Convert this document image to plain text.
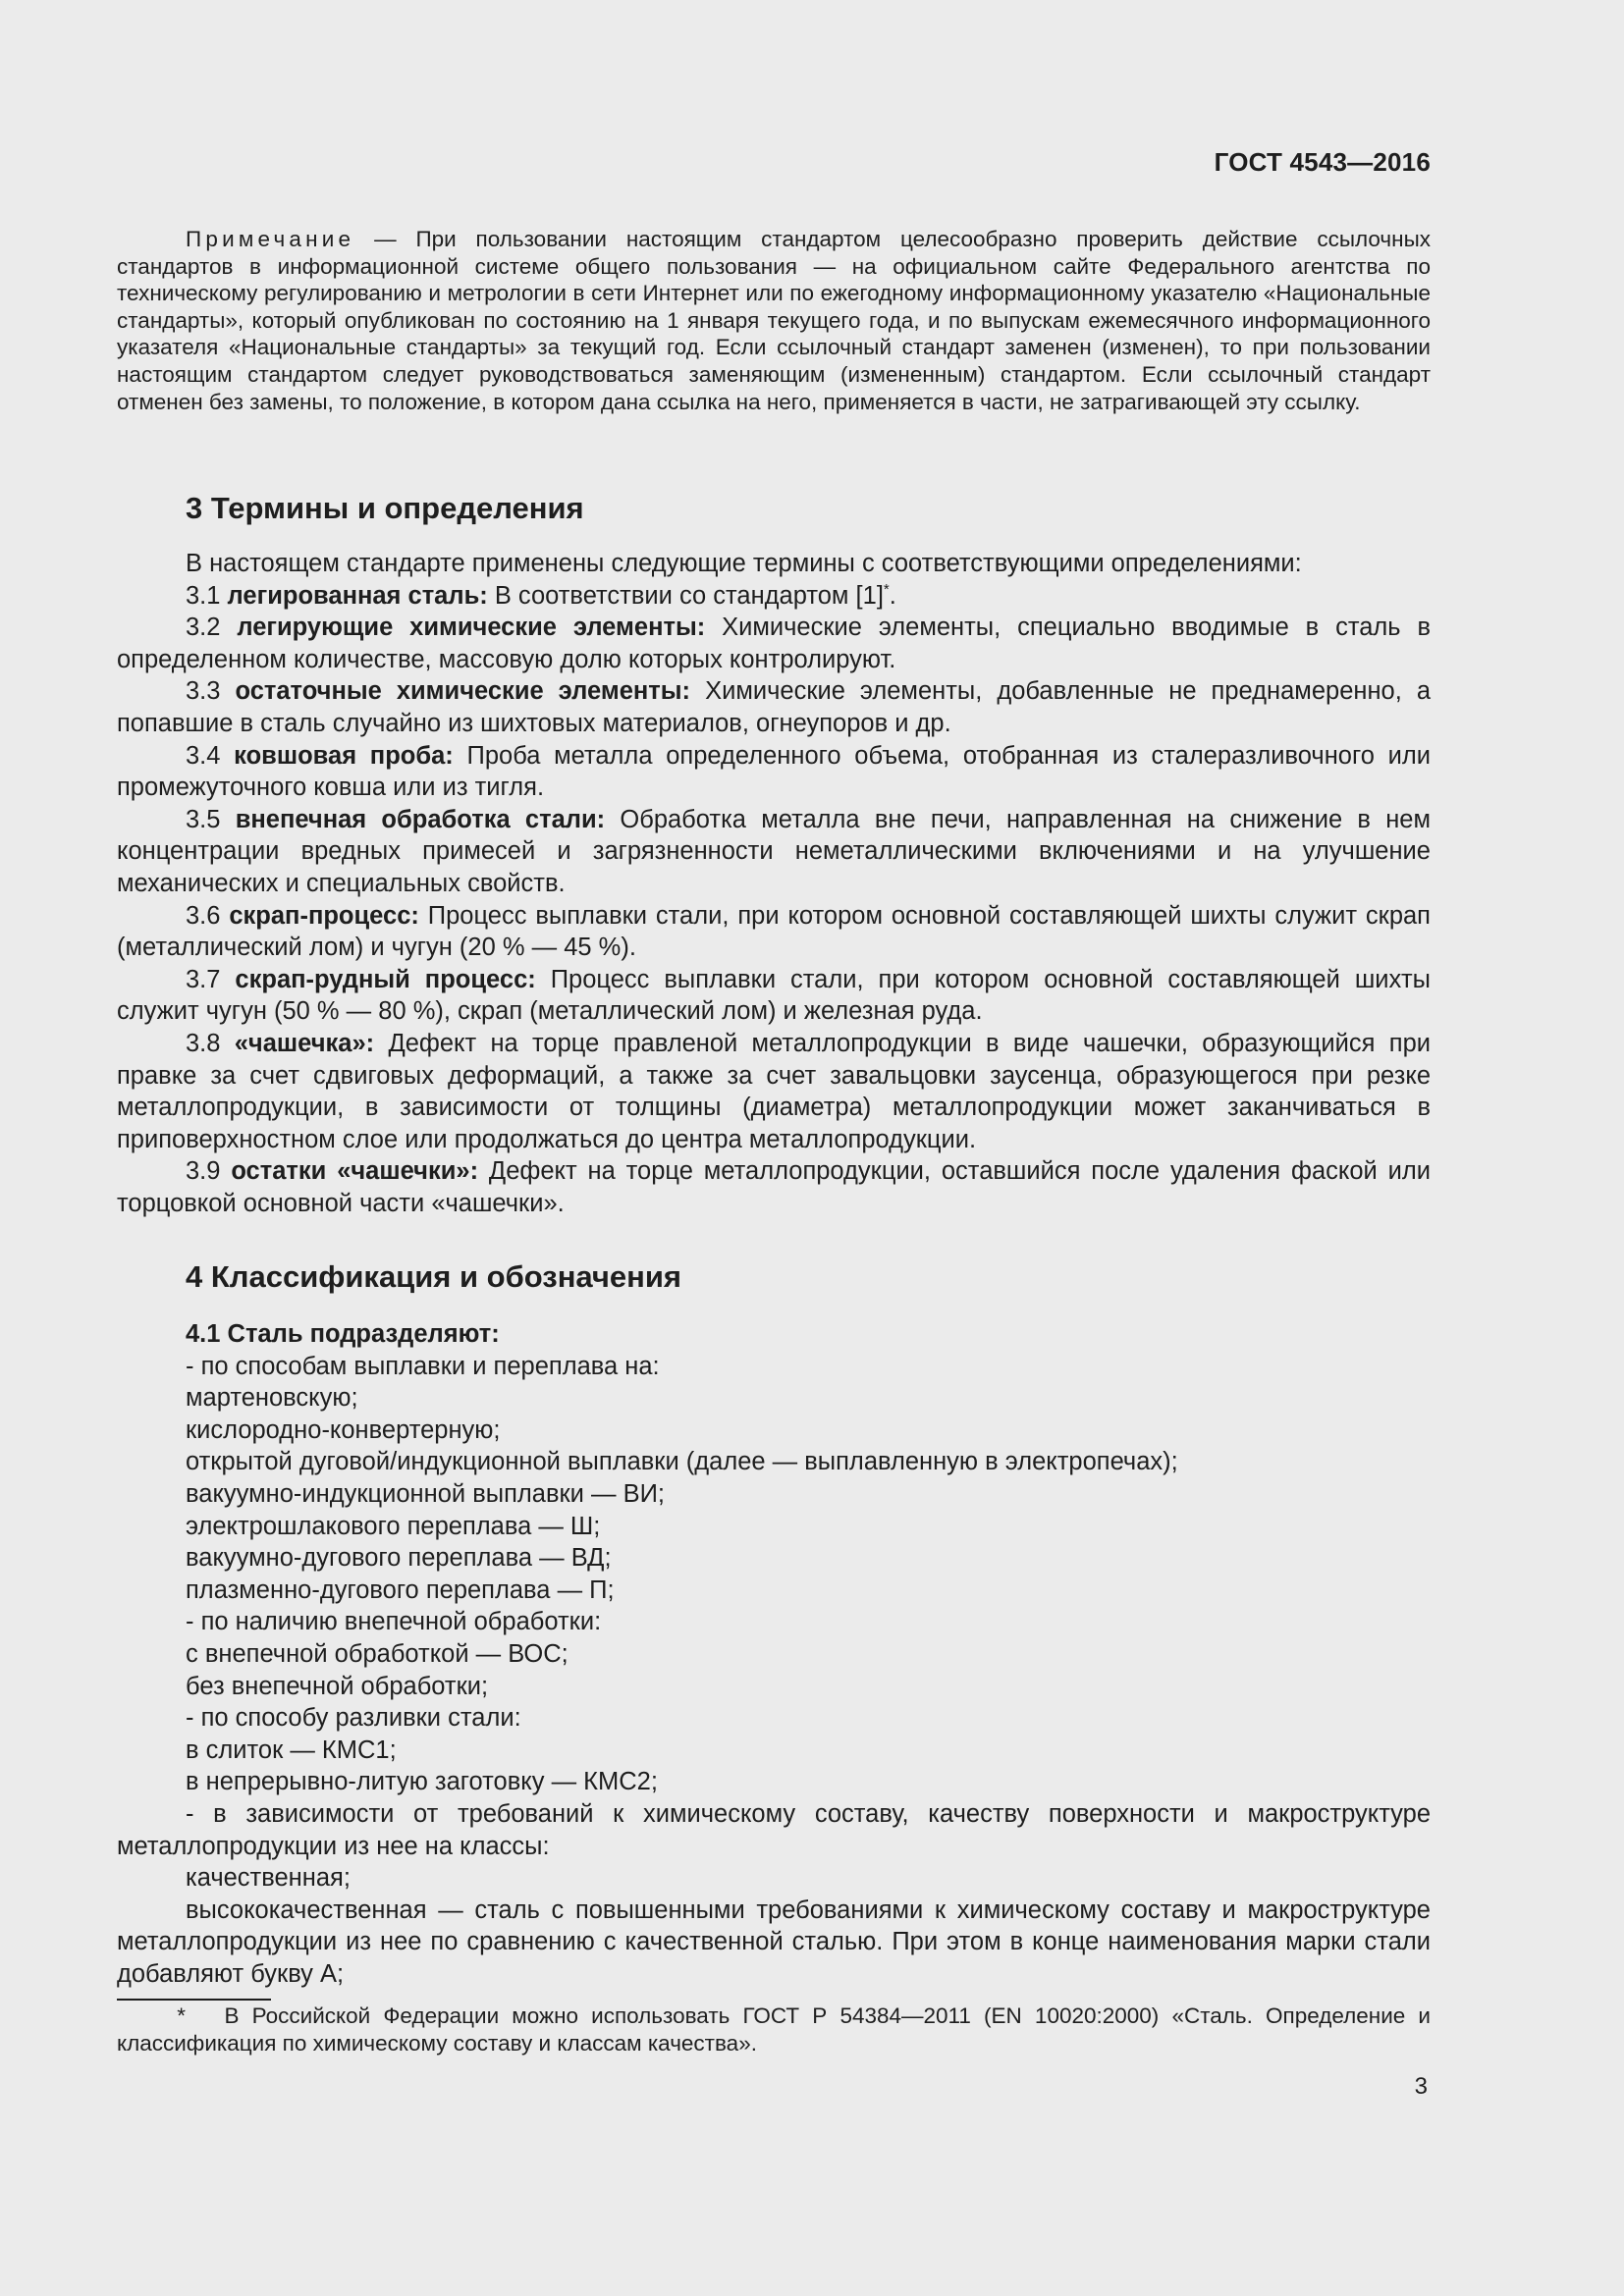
ГОСТ 4543—2016
Примечание — При пользовании настоящим стандартом целесообразно проверить действие ссылочных стандартов в информационной системе общего пользования — на официальном сайте Федерального агентства по техническому регулированию и метрологии в сети Интернет или по ежегодному информационному указателю «Национальные стандарты», который опубликован по состоянию на 1 января текущего года, и по выпускам ежемесячного информационного указателя «Национальные стандарты» за текущий год. Если ссылочный стандарт заменен (изменен), то при пользовании настоящим стандартом следует руководствоваться заменяющим (измененным) стандартом. Если ссылочный стандарт отменен без замены, то положение, в котором дана ссылка на него, применяется в части, не затрагивающей эту ссылку.
3 Термины и определения

В настоящем стандарте применены следующие термины с соответствующими определениями:

3.1 легированная сталь: В соответствии со стандартом [1]*.

3.2 легирующие химические элементы: Химические элементы, специально вводимые в сталь в определенном количестве, массовую долю которых контролируют.

3.3 остаточные химические элементы: Химические элементы, добавленные не преднамеренно, а попавшие в сталь случайно из шихтовых материалов, огнеупоров и др.

3.4 ковшовая проба: Проба металла определенного объема, отобранная из сталеразливочного или промежуточного ковша или из тигля.

3.5 внепечная обработка стали: Обработка металла вне печи, направленная на снижение в нем концентрации вредных примесей и загрязненности неметаллическими включениями и на улучшение механических и специальных свойств.

3.6 скрап-процесс: Процесс выплавки стали, при котором основной составляющей шихты служит скрап (металлический лом) и чугун (20 % — 45 %).

3.7 скрап-рудный процесс: Процесс выплавки стали, при котором основной составляющей шихты служит чугун (50 % — 80 %), скрап (металлический лом) и железная руда.

3.8 «чашечка»: Дефект на торце правленой металлопродукции в виде чашечки, образующийся при правке за счет сдвиговых деформаций, а также за счет завальцовки заусенца, образующегося при резке металлопродукции, в зависимости от толщины (диаметра) металлопродукции может заканчиваться в приповерхностном слое или продолжаться до центра металлопродукции.

3.9 остатки «чашечки»: Дефект на торце металлопродукции, оставшийся после удаления фаской или торцовкой основной части «чашечки».

4 Классификация и обозначения

4.1 Сталь подразделяют:

- по способам выплавки и переплава на:

мартеновскую;

кислородно-конвертерную;

открытой дуговой/индукционной выплавки (далее — выплавленную в электропечах);

вакуумно-индукционной выплавки — ВИ;

электрошлакового переплава — Ш;

вакуумно-дугового переплава — ВД;

плазменно-дугового переплава — П;

- по наличию внепечной обработки:

с внепечной обработкой — ВОС;

без внепечной обработки;

- по способу разливки стали:

в слиток — КМС1;

в непрерывно-литую заготовку — КМС2;

- в зависимости от требований к химическому составу, качеству поверхности и макроструктуре металлопродукции из нее на классы:

качественная;

высококачественная — сталь с повышенными требованиями к химическому составу и макроструктуре металлопродукции из нее по сравнению с качественной сталью. При этом в конце наименования марки стали добавляют букву А;

* В Российской Федерации можно использовать ГОСТ Р 54384—2011 (EN 10020:2000) «Сталь. Определение и классификация по химическому составу и классам качества».
3
